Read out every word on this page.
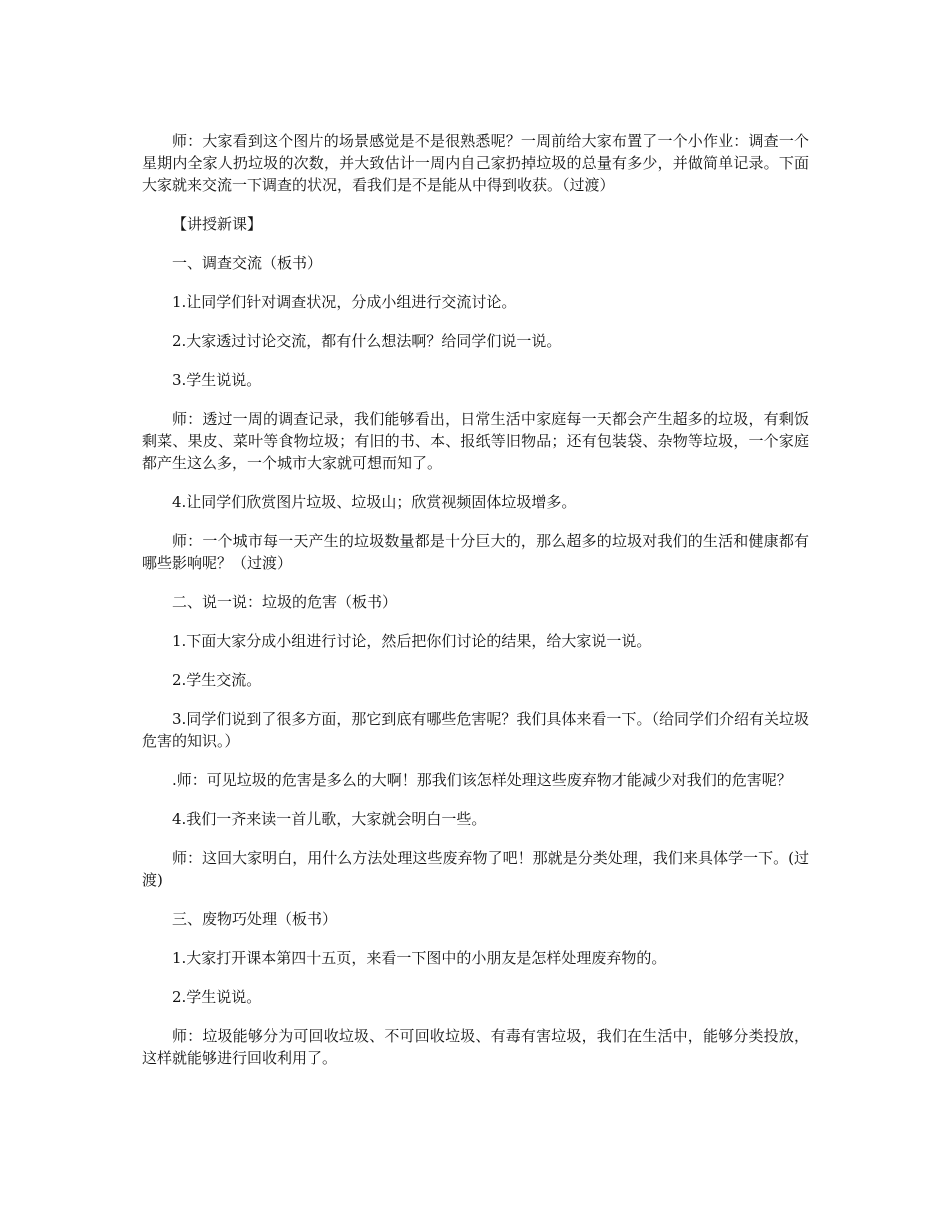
师：大家看到这个图片的场景感觉是不是很熟悉呢？一周前给大家布置了一个小作业：调查一个星期内全家人扔垃圾的次数，并大致估计一周内自己家扔掉垃圾的总量有多少，并做简单记录。下面大家就来交流一下调查的状况，看我们是不是能从中得到收获。（过渡）

【讲授新课】

一、调查交流（板书）

1.让同学们针对调查状况，分成小组进行交流讨论。

2.大家透过讨论交流，都有什么想法啊？给同学们说一说。

3.学生说说。

师：透过一周的调查记录，我们能够看出，日常生活中家庭每一天都会产生超多的垃圾，有剩饭剩菜、果皮、菜叶等食物垃圾；有旧的书、本、报纸等旧物品；还有包装袋、杂物等垃圾，一个家庭都产生这么多，一个城市大家就可想而知了。

4.让同学们欣赏图片垃圾、垃圾山；欣赏视频固体垃圾增多。

师：一个城市每一天产生的垃圾数量都是十分巨大的，那么超多的垃圾对我们的生活和健康都有哪些影响呢？（过渡）

二、说一说：垃圾的危害（板书）

1.下面大家分成小组进行讨论，然后把你们讨论的结果，给大家说一说。

2.学生交流。

3.同学们说到了很多方面，那它到底有哪些危害呢？我们具体来看一下。（给同学们介绍有关垃圾危害的知识。）

.师：可见垃圾的危害是多么的大啊！那我们该怎样处理这些废弃物才能减少对我们的危害呢？

4.我们一齐来读一首儿歌，大家就会明白一些。

师：这回大家明白，用什么方法处理这些废弃物了吧！那就是分类处理，我们来具体学一下。(过渡)

三、废物巧处理（板书）

1.大家打开课本第四十五页，来看一下图中的小朋友是怎样处理废弃物的。

2.学生说说。

师：垃圾能够分为可回收垃圾、不可回收垃圾、有毒有害垃圾，我们在生活中，能够分类投放，这样就能够进行回收利用了。
